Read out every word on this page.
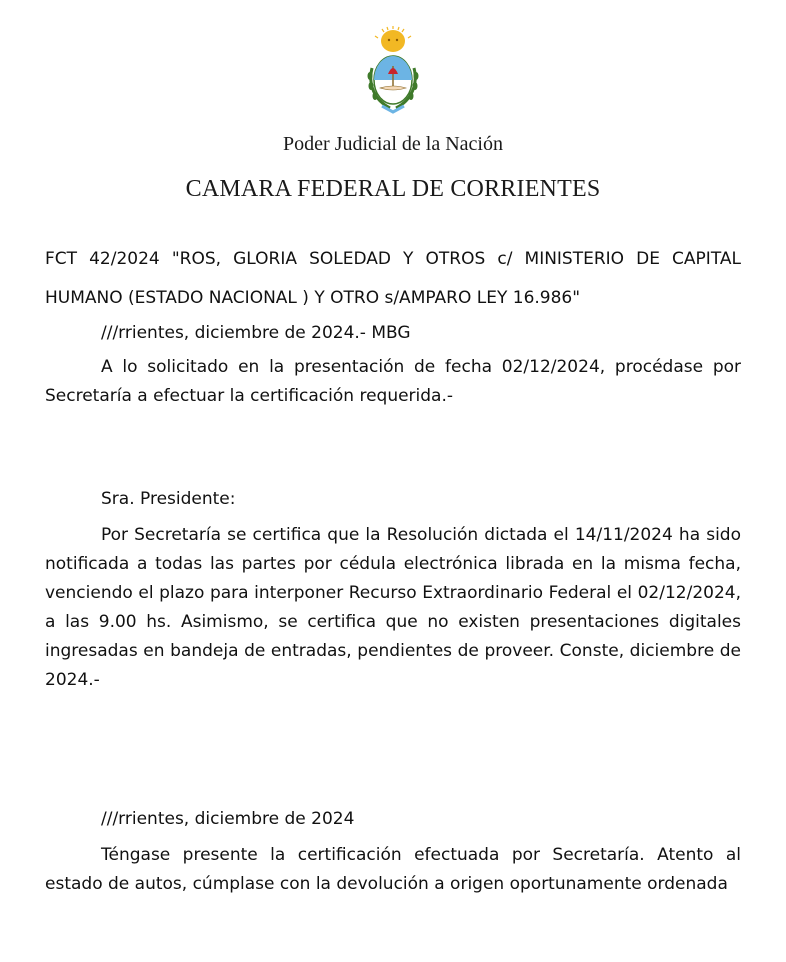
Poder Judicial de la Nación
CAMARA FEDERAL DE CORRIENTES

FCT 42/2024 "ROS, GLORIA SOLEDAD Y OTROS c/ MINISTERIO DE CAPITAL HUMANO (ESTADO NACIONAL ) Y OTRO s/AMPARO LEY 16.986"

///rrientes, diciembre de 2024.- MBG

A lo solicitado en la presentación de fecha 02/12/2024, procédase por Secretaría a efectuar la certificación requerida.-

Sra. Presidente:

Por Secretaría se certifica que la Resolución dictada el 14/11/2024 ha sido notificada a todas las partes por cédula electrónica librada en la misma fecha, venciendo el plazo para interponer Recurso Extraordinario Federal el 02/12/2024, a las 9.00 hs. Asimismo, se certifica que no existen presentaciones digitales ingresadas en bandeja de entradas, pendientes de proveer. Conste, diciembre de 2024.-

///rrientes, diciembre de 2024

Téngase presente la certificación efectuada por Secretaría. Atento al estado de autos, cúmplase con la devolución a origen oportunamente ordenada
